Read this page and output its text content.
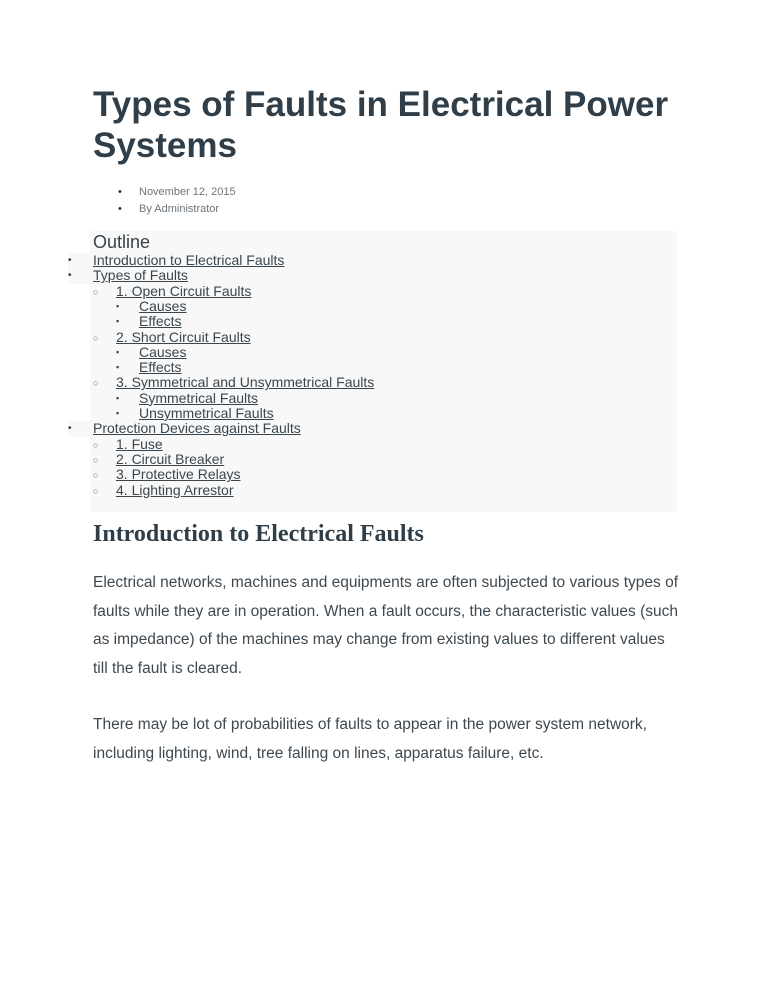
Types of Faults in Electrical Power Systems
• November 12, 2015
• By Administrator
Outline
• Introduction to Electrical Faults
• Types of Faults
○ 1. Open Circuit Faults
▪ Causes
▪ Effects
○ 2. Short Circuit Faults
▪ Causes
▪ Effects
○ 3. Symmetrical and Unsymmetrical Faults
▪ Symmetrical Faults
▪ Unsymmetrical Faults
• Protection Devices against Faults
○ 1. Fuse
○ 2. Circuit Breaker
○ 3. Protective Relays
○ 4. Lighting Arrestor
Introduction to Electrical Faults

Electrical networks, machines and equipments are often subjected to various types of faults while they are in operation. When a fault occurs, the characteristic values (such as impedance) of the machines may change from existing values to different values till the fault is cleared.

There may be lot of probabilities of faults to appear in the power system network, including lighting, wind, tree falling on lines, apparatus failure, etc.
